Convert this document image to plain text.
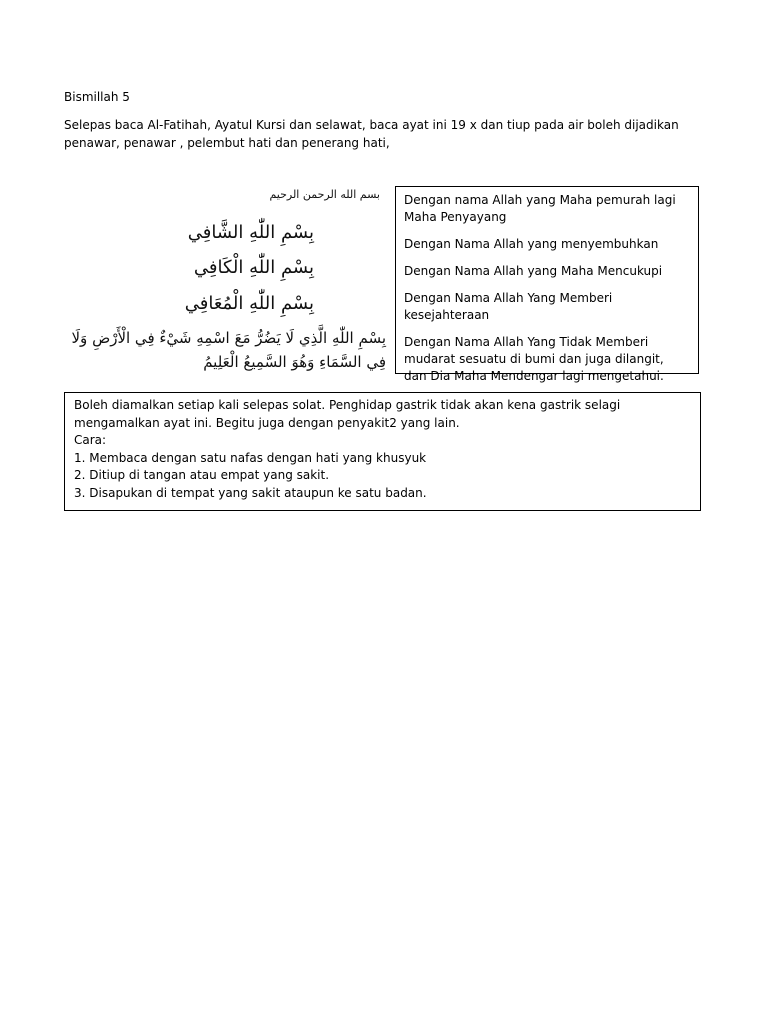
Bismillah 5
Selepas baca Al-Fatihah, Ayatul Kursi dan selawat, baca ayat ini 19 x dan tiup pada air boleh dijadikan penawar, penawar , pelembut hati dan penerang hati,
بسم الله الرحمن الرحيم
بِسْمِ اللّٰهِ الشَّافِي
بِسْمِ اللّٰهِ الْكَافِي
بِسْمِ اللّٰهِ الْمُعَافِي
بِسْمِ اللّٰهِ الَّذِي لَا يَضُرُّ مَعَ اسْمِهِ شَيْءٌ فِي الْأَرْضِ وَلَا
فِي السَّمَاءِ وَهُوَ السَّمِيعُ الْعَلِيمُ

Dengan nama Allah yang Maha pemurah lagi Maha Penyayang

Dengan Nama Allah yang menyembuhkan

Dengan Nama Allah yang Maha Mencukupi

Dengan Nama Allah Yang Memberi kesejahteraan

Dengan Nama Allah Yang Tidak Memberi mudarat sesuatu di bumi dan juga dilangit, dan Dia Maha Mendengar lagi mengetahui.

Boleh diamalkan setiap kali selepas solat. Penghidap gastrik tidak akan kena gastrik selagi mengamalkan ayat ini. Begitu juga dengan penyakit2 yang lain.

Cara:

1. Membaca dengan satu nafas dengan hati yang khusyuk

2. Ditiup di tangan atau empat yang sakit.

3. Disapukan di tempat yang sakit ataupun ke satu badan.
